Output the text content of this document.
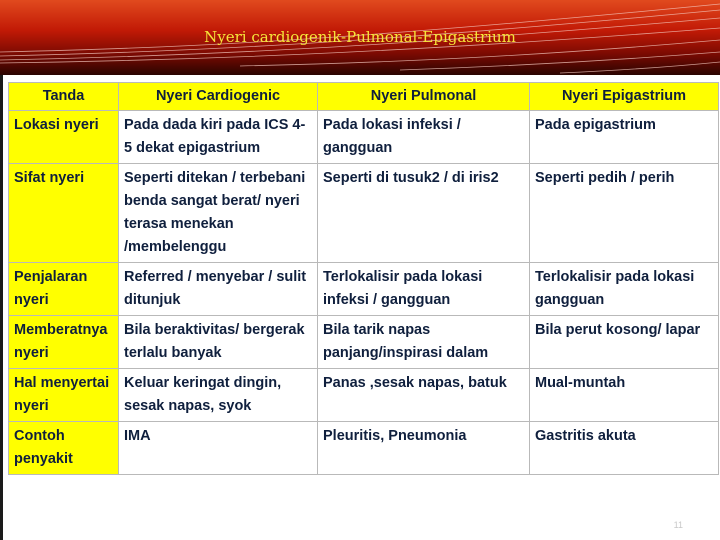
Nyeri cardiogenik-Pulmonal-Epigastrium
Tanda	Nyeri Cardiogenic	Nyeri Pulmonal	Nyeri Epigastrium
Lokasi nyeri	Pada dada kiri pada ICS 4-5 dekat epigastrium	Pada lokasi infeksi / gangguan	Pada epigastrium
Sifat nyeri	Seperti ditekan / terbebani benda sangat berat/ nyeri terasa menekan /membelenggu	Seperti di tusuk2 / di iris2	Seperti pedih / perih
Penjalaran nyeri	Referred / menyebar / sulit ditunjuk	Terlokalisir pada lokasi infeksi / gangguan	Terlokalisir pada lokasi gangguan
Memberatnya nyeri	Bila beraktivitas/ bergerak terlalu banyak	Bila tarik napas panjang/inspirasi dalam	Bila perut kosong/ lapar
Hal menyertai nyeri	Keluar keringat dingin, sesak napas, syok	Panas ,sesak napas, batuk	Mual-muntah
Contoh penyakit	IMA	Pleuritis, Pneumonia	Gastritis akuta
11
